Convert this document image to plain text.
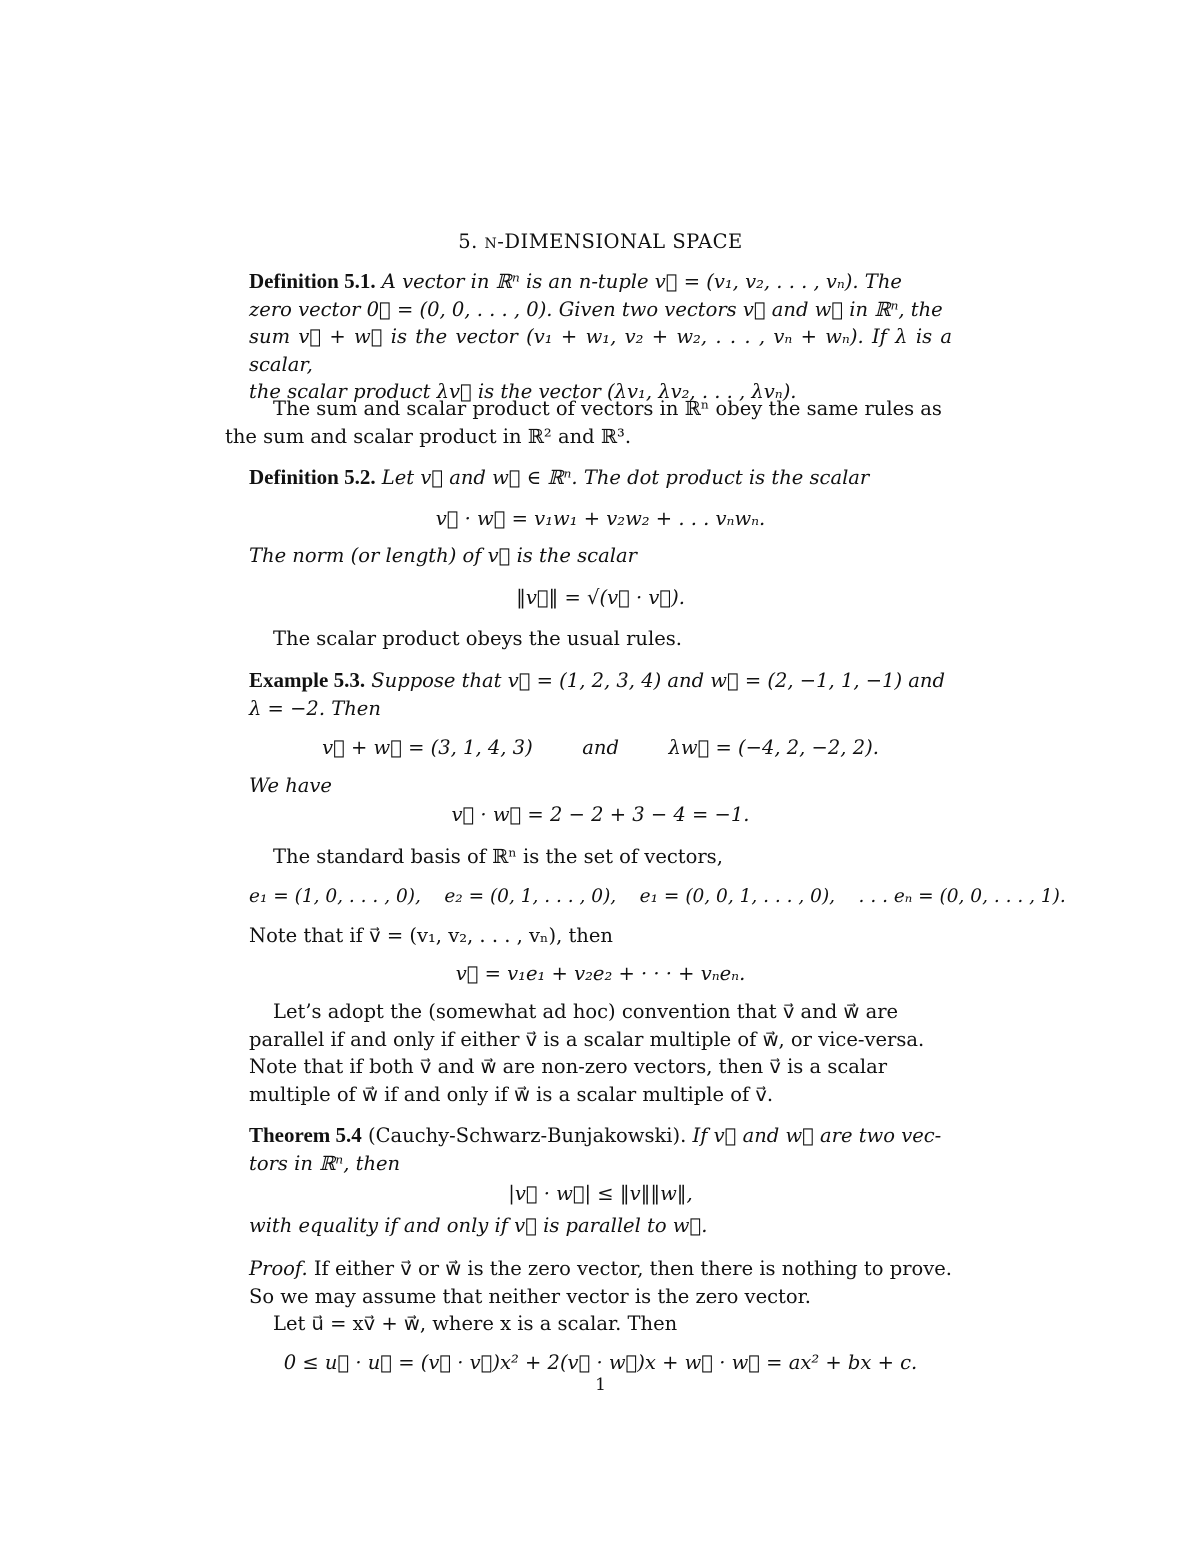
5. n-DIMENSIONAL SPACE
Definition 5.1. A vector in ℝⁿ is an n-tuple v⃗ = (v₁, v₂, . . . , vₙ). The
zero vector 0⃗ = (0, 0, . . . , 0). Given two vectors v⃗ and w⃗ in ℝⁿ, the
sum v⃗ + w⃗ is the vector (v₁ + w₁, v₂ + w₂, . . . , vₙ + wₙ). If λ is a scalar,
the scalar product λv⃗ is the vector (λv₁, λv₂, . . . , λvₙ).
The sum and scalar product of vectors in ℝⁿ obey the same rules as
the sum and scalar product in ℝ² and ℝ³.
Definition 5.2. Let v⃗ and w⃗ ∈ ℝⁿ. The dot product is the scalar
v⃗ · w⃗ = v₁w₁ + v₂w₂ + . . . vₙwₙ.
The norm (or length) of v⃗ is the scalar
‖v⃗‖ = √(v⃗ · v⃗).
The scalar product obeys the usual rules.
Example 5.3. Suppose that v⃗ = (1, 2, 3, 4) and w⃗ = (2, −1, 1, −1) and
λ = −2. Then
v⃗ + w⃗ = (3, 1, 4, 3)        and        λw⃗ = (−4, 2, −2, 2).
We have
v⃗ · w⃗ = 2 − 2 + 3 − 4 = −1.
The standard basis of ℝⁿ is the set of vectors,
e₁ = (1, 0, . . . , 0),    e₂ = (0, 1, . . . , 0),    e₁ = (0, 0, 1, . . . , 0),    . . . eₙ = (0, 0, . . . , 1).
Note that if v⃗ = (v₁, v₂, . . . , vₙ), then
v⃗ = v₁e₁ + v₂e₂ + · · · + vₙeₙ.
Let’s adopt the (somewhat ad hoc) convention that v⃗ and w⃗ are
parallel if and only if either v⃗ is a scalar multiple of w⃗, or vice-versa.
Note that if both v⃗ and w⃗ are non-zero vectors, then v⃗ is a scalar
multiple of w⃗ if and only if w⃗ is a scalar multiple of v⃗.
Theorem 5.4 (Cauchy-Schwarz-Bunjakowski). If v⃗ and w⃗ are two vec-
tors in ℝⁿ, then
|v⃗ · w⃗| ≤ ‖v‖‖w‖,
with equality if and only if v⃗ is parallel to w⃗.
Proof. If either v⃗ or w⃗ is the zero vector, then there is nothing to prove.
So we may assume that neither vector is the zero vector.
Let u⃗ = xv⃗ + w⃗, where x is a scalar. Then
0 ≤ u⃗ · u⃗ = (v⃗ · v⃗)x² + 2(v⃗ · w⃗)x + w⃗ · w⃗ = ax² + bx + c.
1
